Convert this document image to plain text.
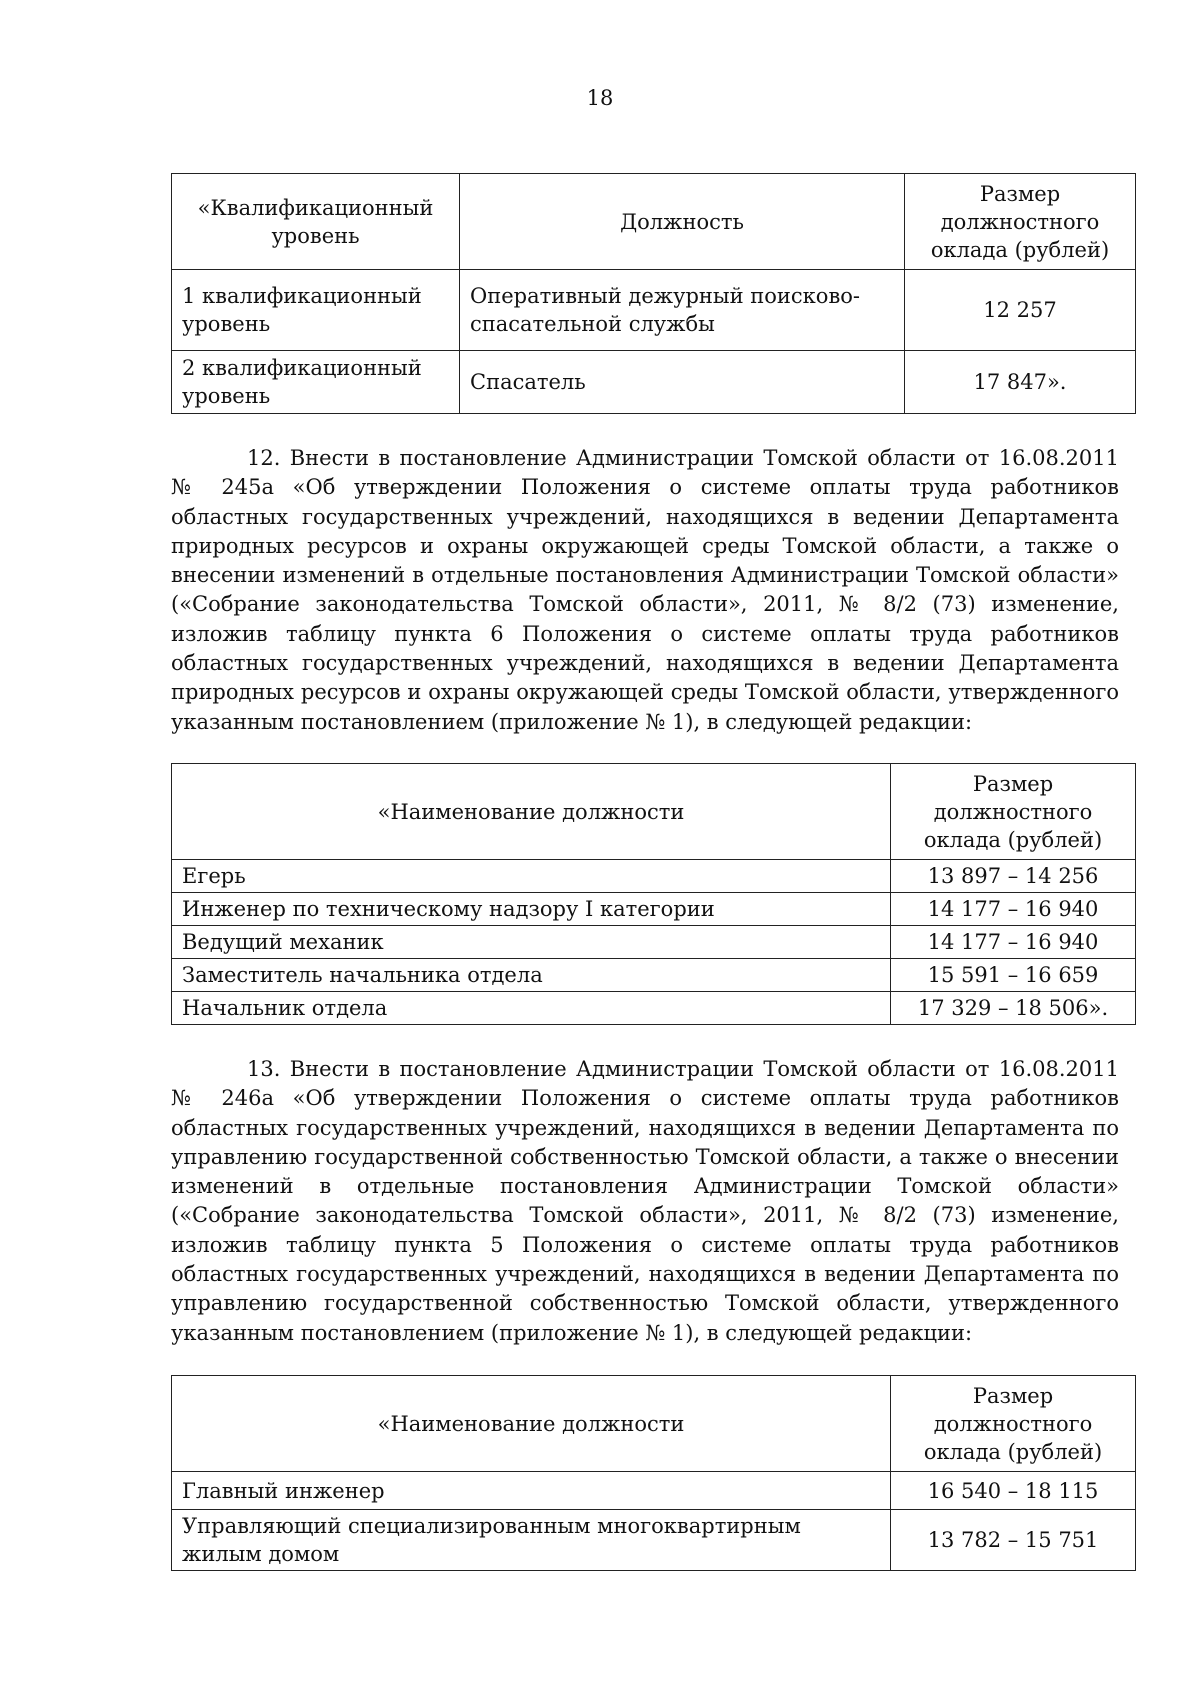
18
«Квалификационный уровень	Должность	Размер должностного оклада (рублей)
1 квалификационный уровень	Оперативный дежурный поисково-спасательной службы	12 257
2 квалификационный уровень	Спасатель	17 847».

12. Внести в постановление Администрации Томской области от 16.08.2011 № 245а «Об утверждении Положения о системе оплаты труда работников областных государственных учреждений, находящихся в ведении Департамента природных ресурсов и охраны окружающей среды Томской области, а также о внесении изменений в отдельные постановления Администрации Томской области» («Собрание законодательства Томской области», 2011, № 8/2 (73) изменение, изложив таблицу пункта 6 Положения о системе оплаты труда работников областных государственных учреждений, находящихся в ведении Департамента природных ресурсов и охраны окружающей среды Томской области, утвержденного указанным постановлением (приложение № 1), в следующей редакции:

«Наименование должности	Размер должностного оклада (рублей)
Егерь	13 897 – 14 256
Инженер по техническому надзору I категории	14 177 – 16 940
Ведущий механик	14 177 – 16 940
Заместитель начальника отдела	15 591 – 16 659
Начальник отдела	17 329 – 18 506».

13. Внести в постановление Администрации Томской области от 16.08.2011 № 246а «Об утверждении Положения о системе оплаты труда работников областных государственных учреждений, находящихся в ведении Департамента по управлению государственной собственностью Томской области, а также о внесении изменений в отдельные постановления Администрации Томской области» («Собрание законодательства Томской области», 2011, № 8/2 (73) изменение, изложив таблицу пункта 5 Положения о системе оплаты труда работников областных государственных учреждений, находящихся в ведении Департамента по управлению государственной собственностью Томской области, утвержденного указанным постановлением (приложение № 1), в следующей редакции:

«Наименование должности	Размер должностного оклада (рублей)
Главный инженер	16 540 – 18 115
Управляющий специализированным многоквартирным жилым домом	13 782 – 15 751
